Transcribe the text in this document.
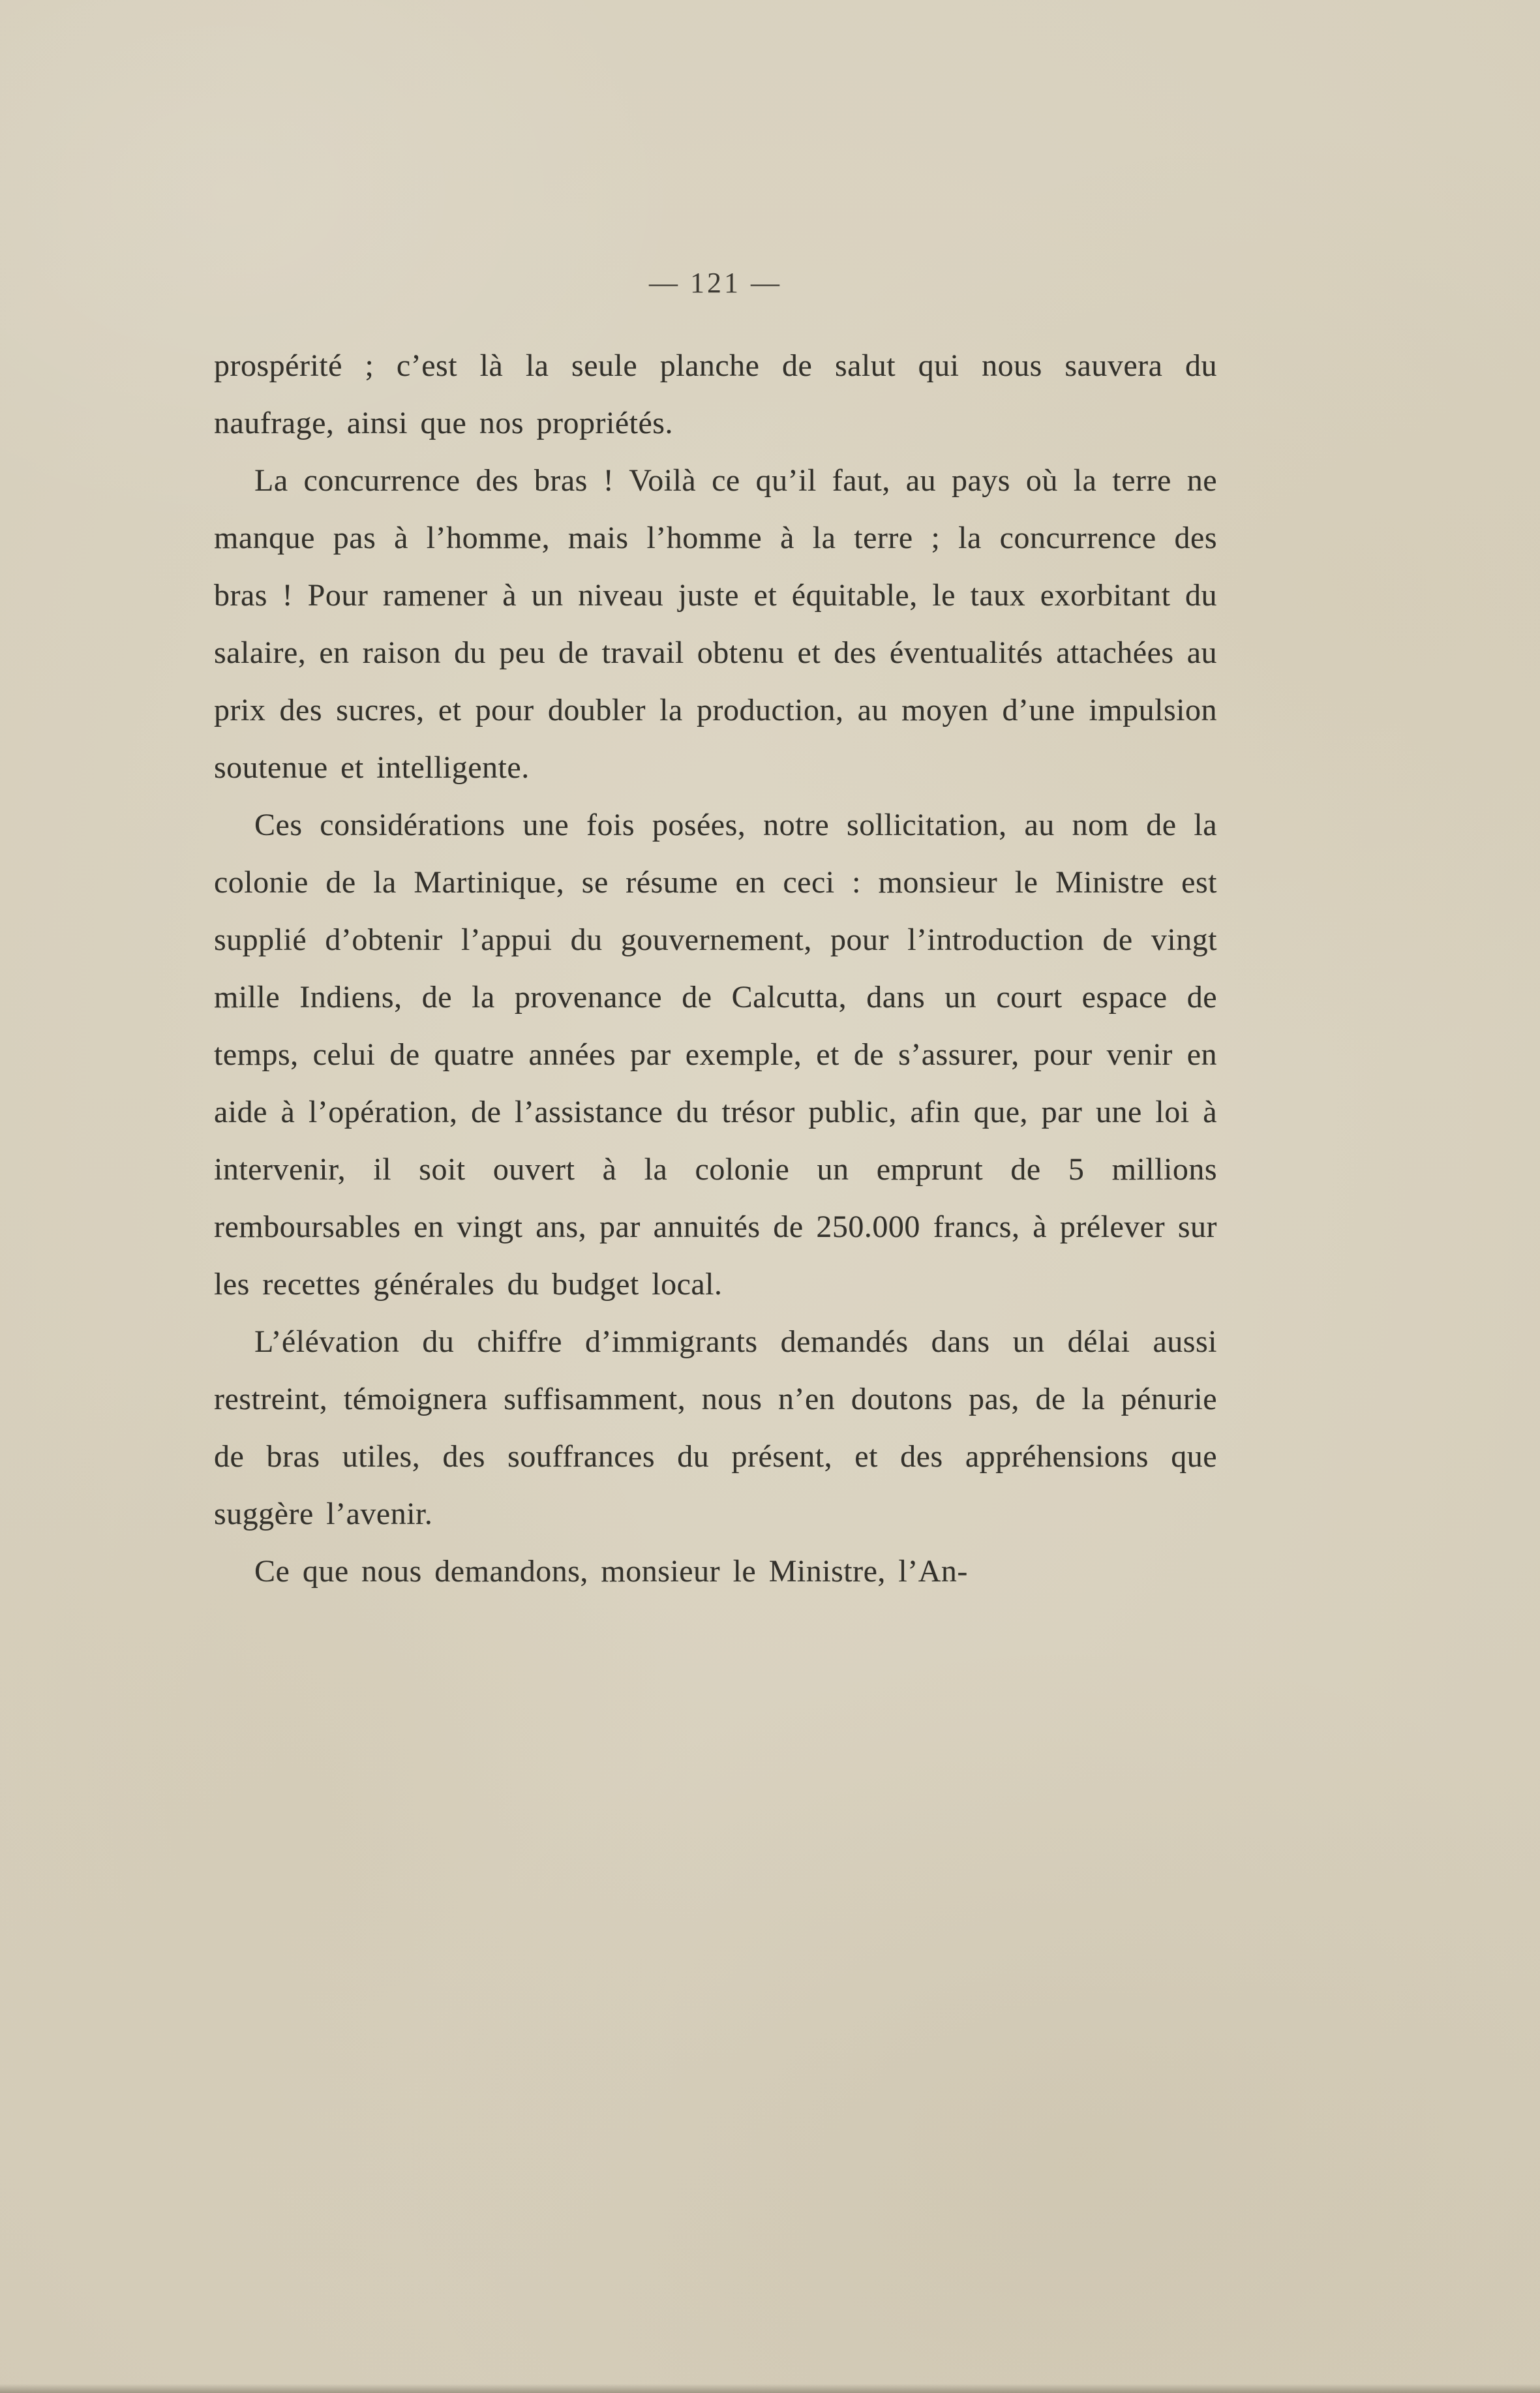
— 121 —

prospérité ; c’est là la seule planche de salut qui nous sauvera du naufrage, ainsi que nos propriétés.

La concurrence des bras ! Voilà ce qu’il faut, au pays où la terre ne manque pas à l’homme, mais l’homme à la terre ; la concurrence des bras ! Pour ramener à un niveau juste et équitable, le taux exorbitant du salaire, en raison du peu de travail obtenu et des éventualités attachées au prix des sucres, et pour doubler la production, au moyen d’une impulsion soutenue et intelligente.

Ces considérations une fois posées, notre sollicitation, au nom de la colonie de la Martinique, se résume en ceci : monsieur le Ministre est supplié d’obtenir l’appui du gouvernement, pour l’introduction de vingt mille Indiens, de la provenance de Calcutta, dans un court espace de temps, celui de quatre années par exemple, et de s’assurer, pour venir en aide à l’opération, de l’assistance du trésor public, afin que, par une loi à intervenir, il soit ouvert à la colonie un emprunt de 5 millions remboursables en vingt ans, par annuités de 250.000 francs, à prélever sur les recettes générales du budget local.

L’élévation du chiffre d’immigrants demandés dans un délai aussi restreint, témoignera suffisamment, nous n’en doutons pas, de la pénurie de bras utiles, des souffrances du présent, et des appréhensions que suggère l’avenir.

Ce que nous demandons, monsieur le Ministre, l’An-
